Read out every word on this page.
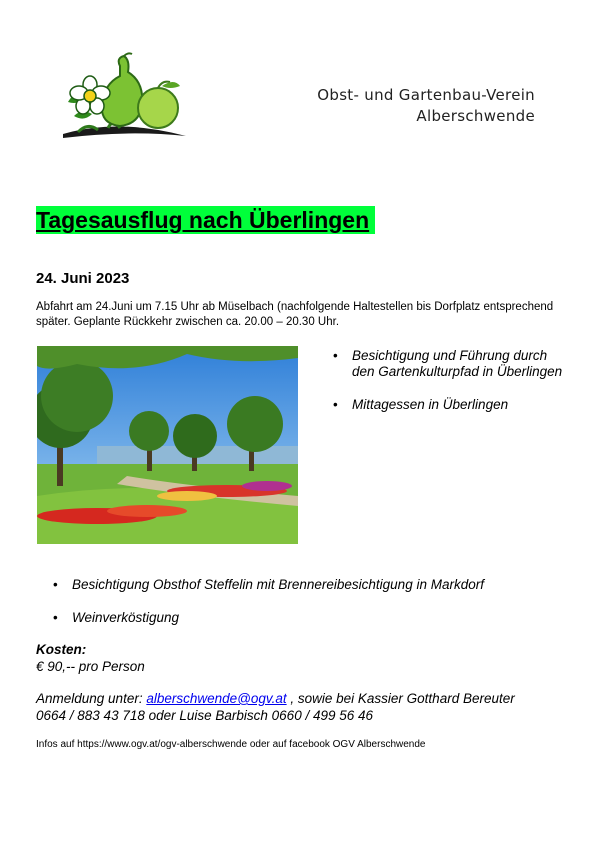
Obst- und Gartenbau-Verein
Alberschwende
Tagesausflug nach Überlingen
24. Juni 2023
Abfahrt am 24.Juni um 7.15 Uhr ab Müselbach (nachfolgende Haltestellen bis Dorfplatz entsprechend später. Geplante Rückkehr zwischen ca. 20.00 – 20.30 Uhr.
• Besichtigung und Führung durch den Gartenkulturpfad in Überlingen
• Mittagessen in Überlingen
• Besichtigung Obsthof Steffelin mit Brennereibesichtigung in Markdorf
• Weinverköstigung
Kosten:
€ 90,-- pro Person
Anmeldung unter: alberschwende@ogv.at , sowie bei Kassier Gotthard Bereuter
0664 / 883 43 718 oder Luise Barbisch 0660 / 499 56 46
Infos auf https://www.ogv.at/ogv-alberschwende oder auf facebook OGV Alberschwende
